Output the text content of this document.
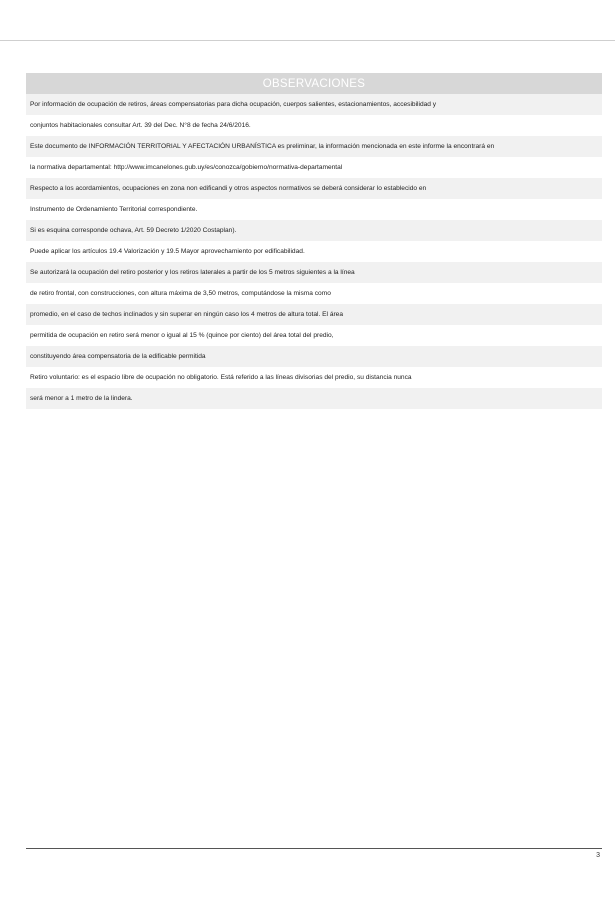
OBSERVACIONES
Por información de ocupación de retiros, áreas compensatorias para dicha ocupación, cuerpos salientes, estacionamientos, accesibilidad y
conjuntos habitacionales consultar Art. 39 del Dec. N°8 de fecha 24/6/2016.
Este documento de INFORMACIÓN TERRITORIAL Y AFECTACIÓN URBANÍSTICA es preliminar, la información mencionada en este informe la encontrará en
la normativa departamental: http://www.imcanelones.gub.uy/es/conozca/gobierno/normativa-departamental
Respecto a los acordamientos, ocupaciones en zona non edificandi y otros aspectos normativos se deberá considerar lo establecido en
Instrumento de Ordenamiento Territorial correspondiente.
Si es esquina corresponde ochava, Art. 59 Decreto 1/2020 Costaplan).
Puede aplicar los artículos 19.4 Valorización y 19.5 Mayor aprovechamiento por edificabilidad.
Se autorizará la ocupación del retiro posterior y los retiros laterales a partir de los 5 metros siguientes a la línea
de retiro frontal, con construcciones, con altura máxima de 3,50 metros, computándose la misma como
promedio, en el caso de techos inclinados y sin superar en ningún caso los 4 metros de altura total. El área
permitida de ocupación en retiro será menor o igual al 15 % (quince por ciento) del área total del predio,
constituyendo área compensatoria de la edificable permitida
Retiro voluntario: es el espacio libre de ocupación no obligatorio. Está referido a las líneas divisorias del predio, su distancia nunca
será menor a 1 metro de la lindera.
3
